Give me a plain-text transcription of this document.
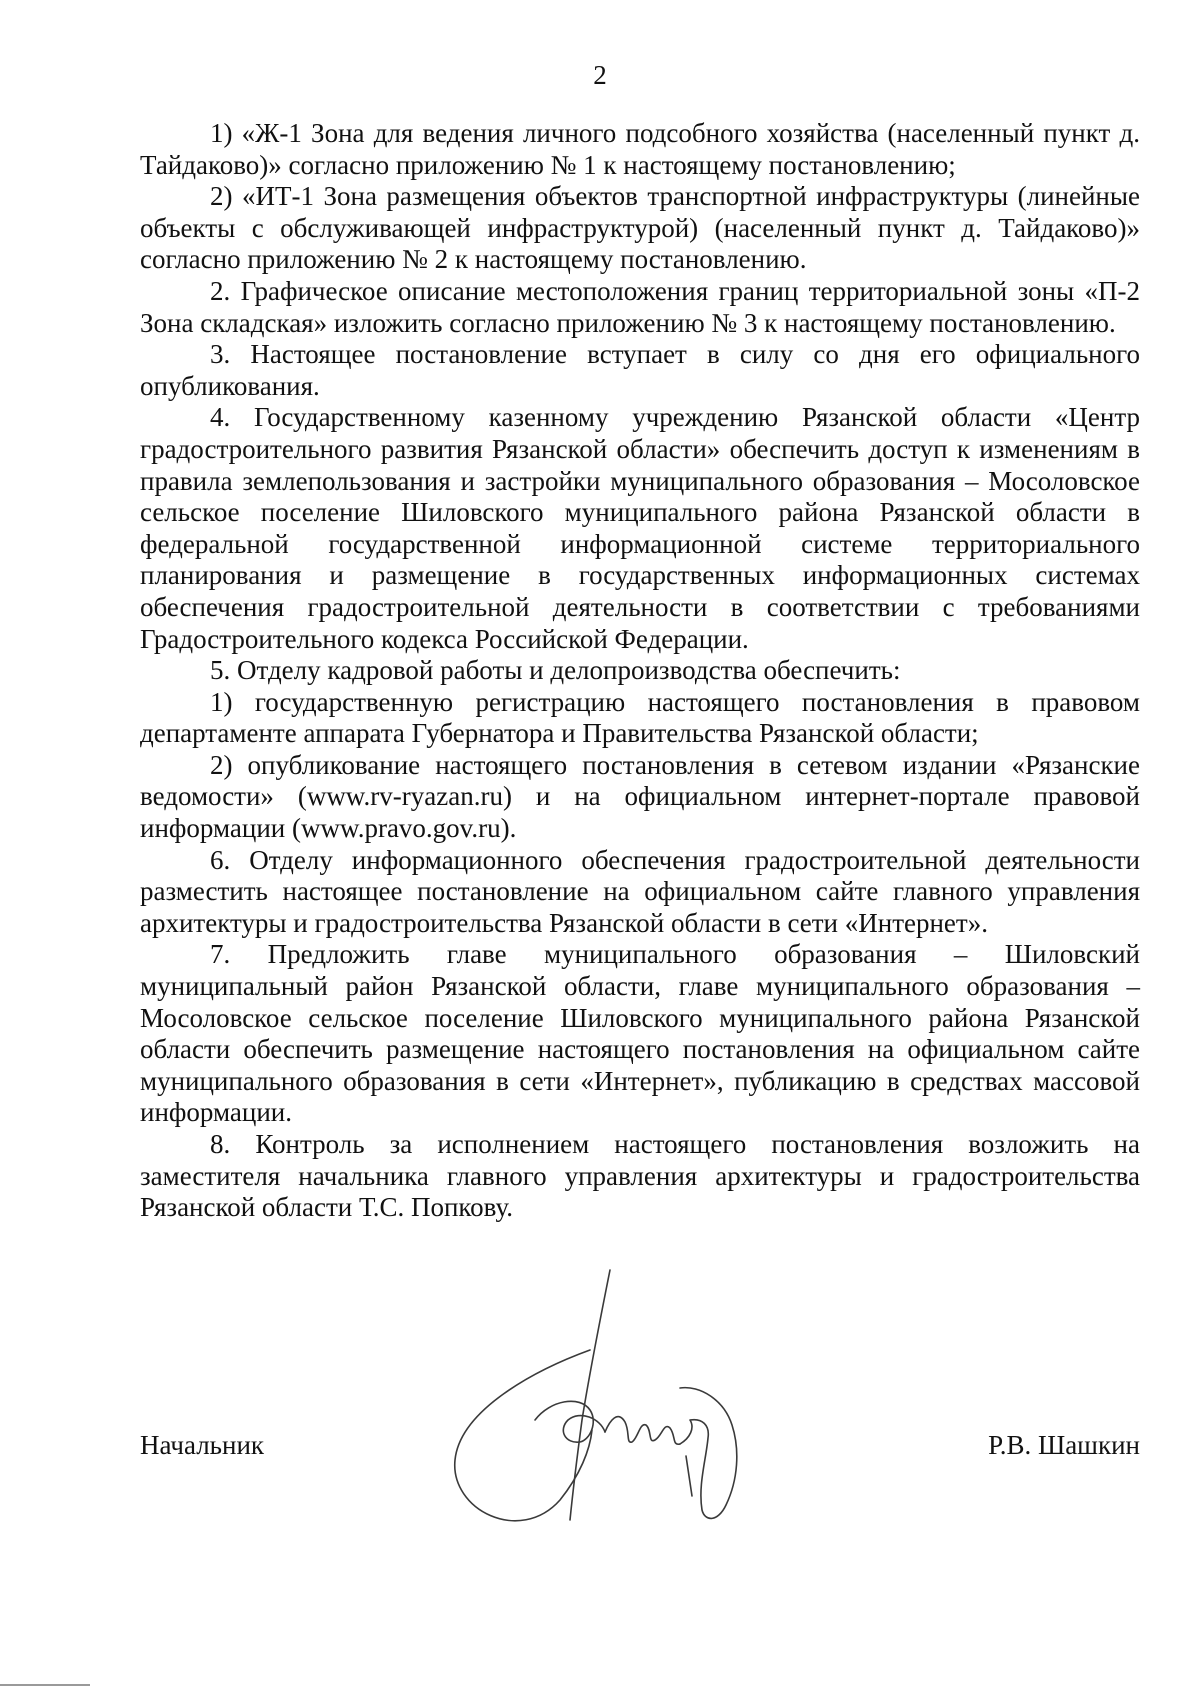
2

1) «Ж-1 Зона для ведения личного подсобного хозяйства (населенный пункт д. Тайдаково)» согласно приложению № 1 к настоящему постановлению;

2) «ИТ-1 Зона размещения объектов транспортной инфраструктуры (линейные объекты с обслуживающей инфраструктурой) (населенный пункт д. Тайдаково)» согласно приложению № 2 к настоящему постановлению.

2. Графическое описание местоположения границ территориальной зоны «П-2 Зона складская» изложить согласно приложению № 3 к настоящему постановлению.

3. Настоящее постановление вступает в силу со дня его официального опубликования.

4. Государственному казенному учреждению Рязанской области «Центр градостроительного развития Рязанской области» обеспечить доступ к изменениям в правила землепользования и застройки муниципального образования – Мосоловское сельское поселение Шиловского муниципального района Рязанской области в федеральной государственной информационной системе территориального планирования и размещение в государственных информационных системах обеспечения градостроительной деятельности в соответствии с требованиями Градостроительного кодекса Российской Федерации.

5. Отделу кадровой работы и делопроизводства обеспечить:

1) государственную регистрацию настоящего постановления в правовом департаменте аппарата Губернатора и Правительства Рязанской области;

2) опубликование настоящего постановления в сетевом издании «Рязанские ведомости» (www.rv-ryazan.ru) и на официальном интернет-портале правовой информации (www.pravo.gov.ru).

6. Отделу информационного обеспечения градостроительной деятельности разместить настоящее постановление на официальном сайте главного управления архитектуры и градостроительства Рязанской области в сети «Интернет».

7. Предложить главе муниципального образования – Шиловский муниципальный район Рязанской области, главе муниципального образования – Мосоловское сельское поселение Шиловского муниципального района Рязанской области обеспечить размещение настоящего постановления на официальном сайте муниципального образования в сети «Интернет», публикацию в средствах массовой информации.

8. Контроль за исполнением настоящего постановления возложить на заместителя начальника главного управления архитектуры и градостроительства Рязанской области Т.С. Попкову.

Начальник	Р.В. Шашкин
